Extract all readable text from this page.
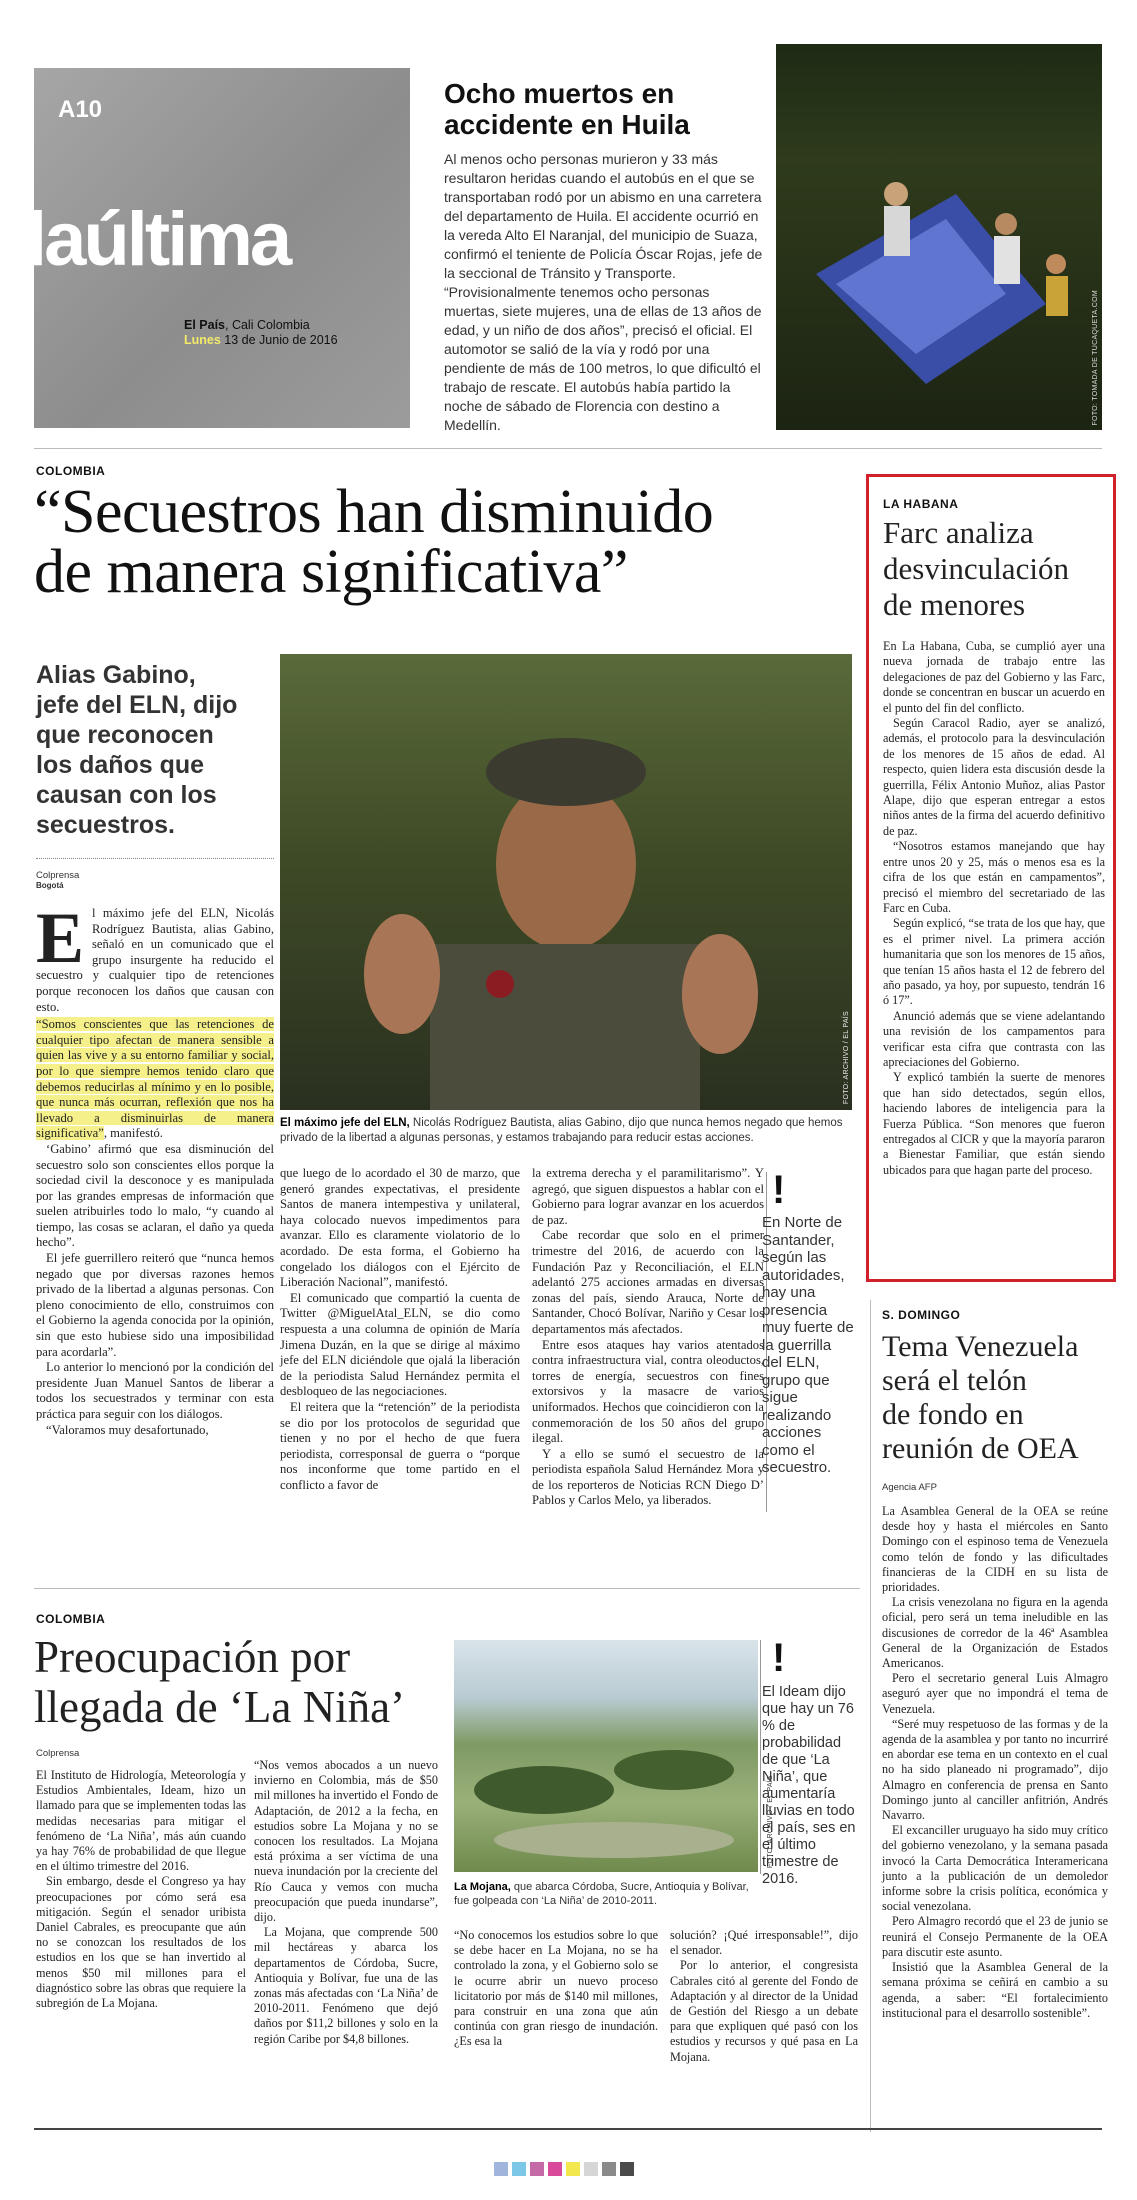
A10
laúltima
El País, Cali Colombia
Lunes 13 de Junio de 2016
Ocho muertos en
accidente en Huila
Al menos ocho personas murieron y 33 más resultaron heridas cuando el autobús en el que se transportaban rodó por un abismo en una carretera del departamento de Huila. El accidente ocurrió en la vereda Alto El Naranjal, del municipio de Suaza, confirmó el teniente de Policía Óscar Rojas, jefe de la seccional de Tránsito y Transporte. “Provisionalmente tenemos ocho personas muertas, siete mujeres, una de ellas de 13 años de edad, y un niño de dos años”, precisó el oficial. El automotor se salió de la vía y rodó por una pendiente de más de 100 metros, lo que dificultó el trabajo de rescate. El autobús había partido la noche de sábado de Florencia con destino a Medellín.	FOTO: TOMADA DE TUCAQUETA.COM
COLOMBIA
“Secuestros han disminuido
de manera significativa”
Alias Gabino,
jefe del ELN, dijo
que reconocen
los daños que
causan con los
secuestros.
Colprensa
Bogotá
E l máximo jefe del ELN, Nicolás Rodríguez Bautista, alias Gabino, señaló en un comunicado que el grupo insurgente ha reducido el secuestro y cualquier tipo de retenciones porque reconocen los daños que causan con esto.

“Somos conscientes que las retenciones de cualquier tipo afectan de manera sensible a quien las vive y a su entorno familiar y social, por lo que siempre hemos tenido claro que debemos reducirlas al mínimo y en lo posible, que nunca más ocurran, reflexión que nos ha llevado a disminuirlas de manera significativa”, manifestó.

‘Gabino’ afirmó que esa disminución del secuestro solo son conscientes ellos porque la sociedad civil la desconoce y es manipulada por las grandes empresas de información que suelen atribuirles todo lo malo, “y cuando al tiempo, las cosas se aclaran, el daño ya queda hecho”.

El jefe guerrillero reiteró que “nunca hemos negado que por diversas razones hemos privado de la libertad a algunas personas. Con pleno conocimiento de ello, construimos con el Gobierno la agenda conocida por la opinión, sin que esto hubiese sido una imposibilidad para acordarla”.

Lo anterior lo mencionó por la condición del presidente Juan Manuel Santos de liberar a todos los secuestrados y terminar con esta práctica para seguir con los diálogos.

“Valoramos muy desafortunado,

FOTO: ARCHIVO / EL PAÍS
El máximo jefe del ELN, Nicolás Rodríguez Bautista, alias Gabino, dijo que nunca hemos negado que hemos privado de la libertad a algunas personas, y estamos trabajando para reducir estas acciones.

que luego de lo acordado el 30 de marzo, que generó grandes expectativas, el presidente Santos de manera intempestiva y unilateral, haya colocado nuevos impedimentos para avanzar. Ello es claramente violatorio de lo acordado. De esta forma, el Gobierno ha congelado los diálogos con el Ejército de Liberación Nacional”, manifestó.

El comunicado que compartió la cuenta de Twitter @MiguelAtal_ELN, se dio como respuesta a una columna de opinión de María Jimena Duzán, en la que se dirige al máximo jefe del ELN diciéndole que ojalá la liberación de la periodista Salud Hernández permita el desbloqueo de las negociaciones.

El reitera que la “retención” de la periodista se dio por los protocolos de seguridad que tienen y no por el hecho de que fuera periodista, corresponsal de guerra o “porque nos inconforme que tome partido en el conflicto a favor de

la extrema derecha y el paramilitarismo”. Y agregó, que siguen dispuestos a hablar con el Gobierno para lograr avanzar en los acuerdos de paz.

Cabe recordar que solo en el primer trimestre del 2016, de acuerdo con la Fundación Paz y Reconciliación, el ELN adelantó 275 acciones armadas en diversas zonas del país, siendo Arauca, Norte de Santander, Chocó Bolívar, Nariño y Cesar los departamentos más afectados.

Entre esos ataques hay varios atentados contra infraestructura vial, contra oleoductos, torres de energía, secuestros con fines extorsivos y la masacre de varios uniformados. Hechos que coincidieron con la conmemoración de los 50 años del grupo ilegal.

Y a ello se sumó el secuestro de la periodista española Salud Hernández Mora y de los reporteros de Noticias RCN Diego D’ Pablos y Carlos Melo, ya liberados.

!
En Norte de Santander, según las autoridades, hay una presencia muy fuerte de la guerrilla del ELN, grupo que sigue realizando acciones como el secuestro.
LA HABANA
Farc analiza
desvinculación
de menores

En La Habana, Cuba, se cumplió ayer una nueva jornada de trabajo entre las delegaciones de paz del Gobierno y las Farc, donde se concentran en buscar un acuerdo en el punto del fin del conflicto.

Según Caracol Radio, ayer se analizó, además, el protocolo para la desvinculación de los menores de 15 años de edad. Al respecto, quien lidera esta discusión desde la guerrilla, Félix Antonio Muñoz, alias Pastor Alape, dijo que esperan entregar a estos niños antes de la firma del acuerdo definitivo de paz.

“Nosotros estamos manejando que hay entre unos 20 y 25, más o menos esa es la cifra de los que están en campamentos”, precisó el miembro del secretariado de las Farc en Cuba.

Según explicó, “se trata de los que hay, que es el primer nivel. La primera acción humanitaria que son los menores de 15 años, que tenían 15 años hasta el 12 de febrero del año pasado, ya hoy, por supuesto, tendrán 16 ó 17”.

Anunció además que se viene adelantando una revisión de los campamentos para verificar esta cifra que contrasta con las apreciaciones del Gobierno.

Y explicó también la suerte de menores que han sido detectados, según ellos, haciendo labores de inteligencia para la Fuerza Pública. “Son menores que fueron entregados al CICR y que la mayoría pararon a Bienestar Familiar, que están siendo ubicados para que hagan parte del proceso.

S. DOMINGO
Tema Venezuela
será el telón
de fondo en
reunión de OEA
Agencia AFP

La Asamblea General de la OEA se reúne desde hoy y hasta el miércoles en Santo Domingo con el espinoso tema de Venezuela como telón de fondo y las dificultades financieras de la CIDH en su lista de prioridades.

La crisis venezolana no figura en la agenda oficial, pero será un tema ineludible en las discusiones de corredor de la 46ª Asamblea General de la Organización de Estados Americanos.

Pero el secretario general Luis Almagro aseguró ayer que no impondrá el tema de Venezuela.

“Seré muy respetuoso de las formas y de la agenda de la asamblea y por tanto no incurriré en abordar ese tema en un contexto en el cual no ha sido planeado ni programado”, dijo Almagro en conferencia de prensa en Santo Domingo junto al canciller anfitrión, Andrés Navarro.

El excanciller uruguayo ha sido muy crítico del gobierno venezolano, y la semana pasada invocó la Carta Democrática Interamericana junto a la publicación de un demoledor informe sobre la crisis política, económica y social venezolana.

Pero Almagro recordó que el 23 de junio se reunirá el Consejo Permanente de la OEA para discutir este asunto.

Insistió que la Asamblea General de la semana próxima se ceñirá en cambio a su agenda, a saber: “El fortalecimiento institucional para el desarrollo sostenible”.

COLOMBIA
Preocupación por
llegada de ‘La Niña’
Colprensa

El Instituto de Hidrología, Meteorología y Estudios Ambientales, Ideam, hizo un llamado para que se implementen todas las medidas necesarias para mitigar el fenómeno de ‘La Niña’, más aún cuando ya hay 76% de probabilidad de que llegue en el último trimestre del 2016.

Sin embargo, desde el Congreso ya hay preocupaciones por cómo será esa mitigación. Según el senador uribista Daniel Cabrales, es preocupante que aún no se conozcan los resultados de los estudios en los que se han invertido al menos $50 mil millones para el diagnóstico sobre las obras que requiere la subregión de La Mojana.

“Nos vemos abocados a un nuevo invierno en Colombia, más de $50 mil millones ha invertido el Fondo de Adaptación, de 2012 a la fecha, en estudios sobre La Mojana y no se conocen los resultados. La Mojana está próxima a ser víctima de una nueva inundación por la creciente del Río Cauca y vemos con mucha preocupación que pueda inundarse”, dijo.

La Mojana, que comprende 500 mil hectáreas y abarca los departamentos de Córdoba, Sucre, Antioquia y Bolívar, fue una de las zonas más afectadas con ‘La Niña’ de 2010-2011. Fenómeno que dejó daños por $11,2 billones y solo en la región Caribe por $4,8 billones.

FOTO: ARCHIVO / EL PAÍS
La Mojana, que abarca Córdoba, Sucre, Antioquia y Bolívar, fue golpeada con ‘La Niña’ de 2010-2011.
!
El Ideam dijo que hay un 76 % de probabilidad de que ‘La Niña’, que aumentaría lluvias en todo el país, ses en el último trimestre de 2016.

“No conocemos los estudios sobre lo que se debe hacer en La Mojana, no se ha controlado la zona, y el Gobierno solo se le ocurre abrir un nuevo proceso licitatorio por más de $140 mil millones, para construir en una zona que aún continúa con gran riesgo de inundación. ¿Es esa la

solución? ¡Qué irresponsable!”, dijo el senador.

Por lo anterior, el congresista Cabrales citó al gerente del Fondo de Adaptación y al director de la Unidad de Gestión del Riesgo a un debate para que expliquen qué pasó con los estudios y recursos y qué pasa en La Mojana.
